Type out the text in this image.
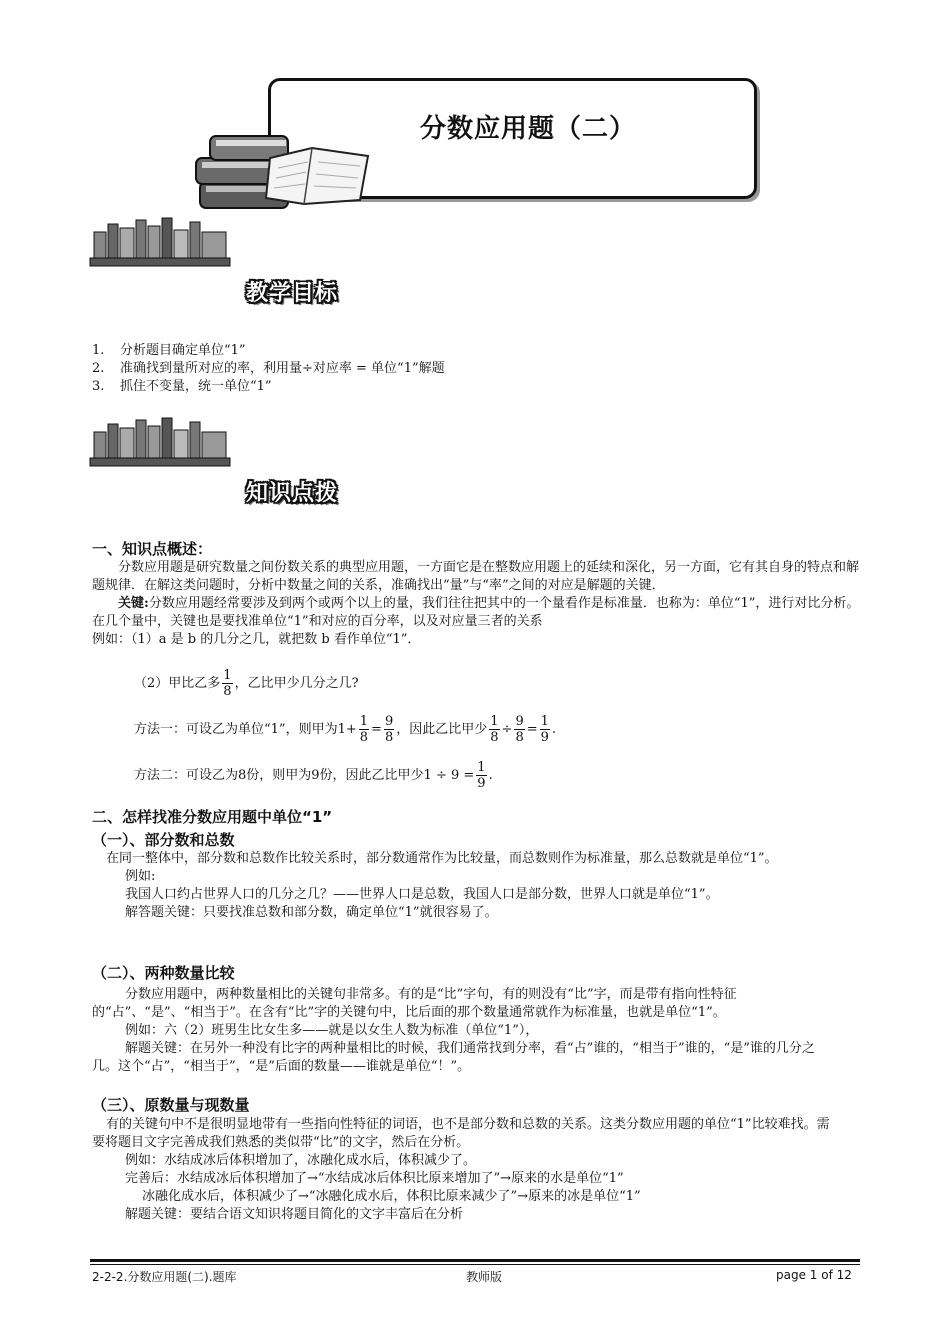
分数应用题（二）
教学目标
1. 分析题目确定单位“1”
2. 准确找到量所对应的率，利用量÷对应率 = 单位“1”解题
3. 抓住不变量，统一单位“1”
知识点拨
一、知识点概述：
分数应用题是研究数量之间份数关系的典型应用题，一方面它是在整数应用题上的延续和深化，另一方面，它有其自身的特点和解题规律．在解这类问题时，分析中数量之间的关系，准确找出“量”与“率”之间的对应是解题的关键．
关键:分数应用题经常要涉及到两个或两个以上的量，我们往往把其中的一个量看作是标准量．也称为：单位“1”，进行对比分析。在几个量中，关键也是要找准单位“1”和对应的百分率，以及对应量三者的关系
例如：（1）a 是 b 的几分之几，就把数 b 看作单位“1”．
（2）甲比乙多 $\frac{1}{8}$ ，乙比甲少几分之几?
方法一：可设乙为单位“1”，则甲为$1+ \frac{1}{8} = \frac{9}{8}$ ，因此乙比甲少 $\frac{1}{8} \div \frac{9}{8} = \frac{1}{9}$ .
方法二：可设乙为8份，则甲为9份，因此乙比甲少$1 \div 9 = \frac{1}{9}$ .
二、怎样找准分数应用题中单位“1”
（一）、部分数和总数
在同一整体中，部分数和总数作比较关系时，部分数通常作为比较量，而总数则作为标准量，那么总数就是单位“1”。
例如:
我国人口约占世界人口的几分之几？——世界人口是总数，我国人口是部分数，世界人口就是单位“1”。
解答题关键：只要找准总数和部分数，确定单位“1”就很容易了。
（二）、两种数量比较
分数应用题中，两种数量相比的关键句非常多。有的是“比”字句，有的则没有“比”字，而是带有指向性特征的“占”、“是”、“相当于”。在含有“比”字的关键句中，比后面的那个数量通常就作为标准量，也就是单位“1”。
例如：六（2）班男生比女生多——就是以女生人数为标准（单位“1”），
解题关键：在另外一种没有比字的两种量相比的时候，我们通常找到分率，看“占”谁的，“相当于”谁的，“是”谁的几分之几。这个“占”，“相当于”，“是”后面的数量——谁就是单位“！”。
（三）、原数量与现数量
有的关键句中不是很明显地带有一些指向性特征的词语，也不是部分数和总数的关系。这类分数应用题的单位“1”比较难找。需要将题目文字完善成我们熟悉的类似带“比”的文字，然后在分析。
例如：水结成冰后体积增加了，冰融化成水后，体积减少了。
完善后：水结成冰后体积增加了→“水结成冰后体积比原来增加了”→原来的水是单位“1”
冰融化成水后，体积减少了→“冰融化成水后，体积比原来减少了”→原来的冰是单位“1”
解题关键：要结合语文知识将题目简化的文字丰富后在分析
2-2-2.分数应用题(二).题库	教师版	page 1 of 12
